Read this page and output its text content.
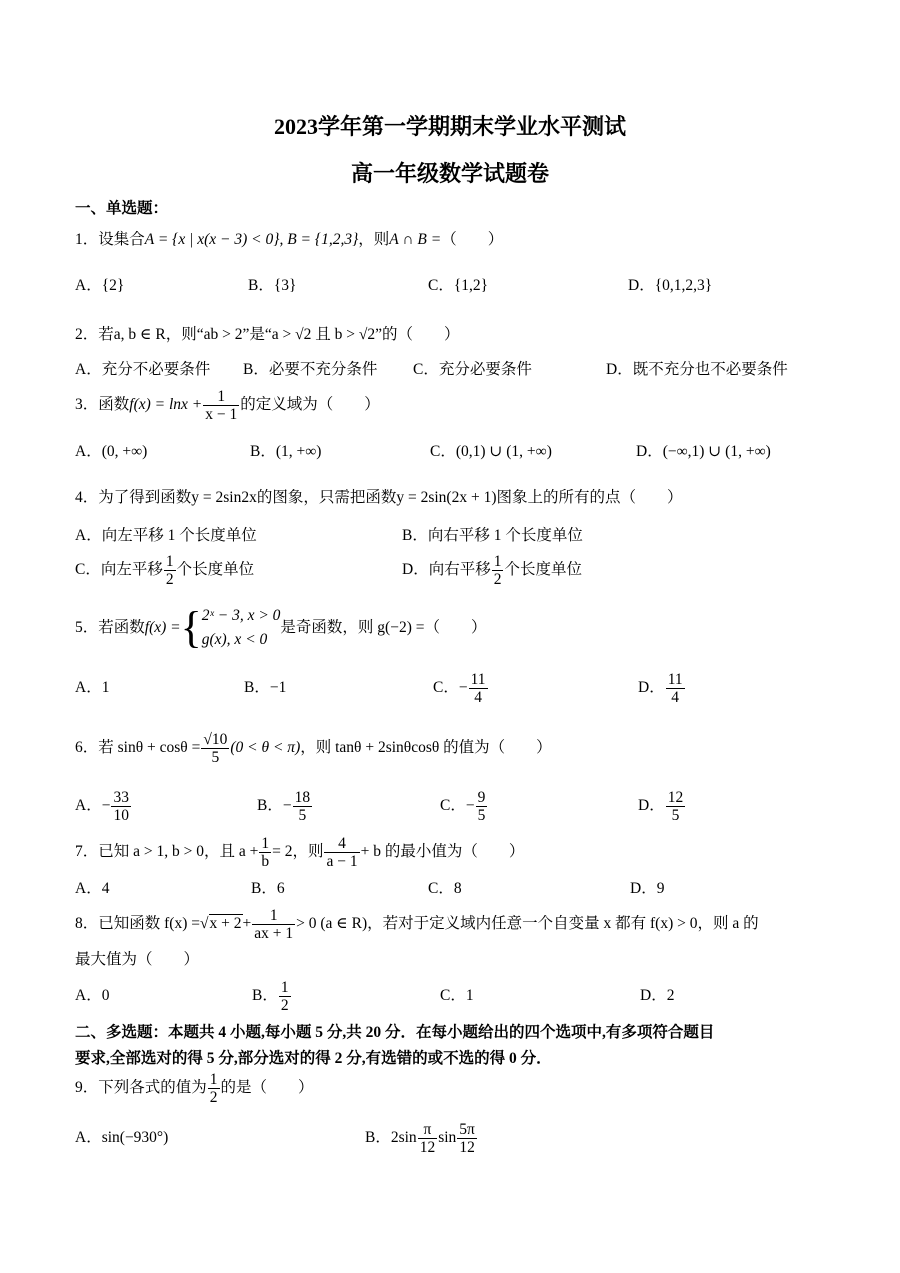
2023学年第一学期期末学业水平测试
高一年级数学试题卷
一、单选题：
1．设集合A = {x | x(x − 3) < 0}, B = {1,2,3}，则A ∩ B =（　　）
A．{2}	B．{3}	C．{1,2}	D．{0,1,2,3}
2．若a, b ∈ R，则“ab > 2”是“a > √2 且 b > √2”的（　　）
A．充分不必要条件 B．必要不充分条件 C．充分必要条件	D．既不充分也不必要条件
3．函数$f(x) = \ln x + \frac{1}{x - 1}$ 的定义域为（　　）
A．(0, +∞)	B．(1, +∞)	C．(0,1) ∪ (1, +∞)	D．(−∞,1) ∪ (1, +∞)
4．为了得到函数y = 2sin2x的图象，只需把函数y = 2sin(2x + 1)图象上的所有的点（　　）
A．向左平移 1 个长度单位	B．向右平移 1 个长度单位
C．向左平移 $\frac{1}{2}$ 个长度单位	D．向右平移 $\frac{1}{2}$ 个长度单位
5．若函数f(x) ={ 2ˣ − 3, x > 0
g(x), x < 0
是奇函数，则 g(−2) =（　　）
A．1	B．−1	C．− $\frac{11}{4}$	D． $\frac{11}{4}$
6．若 $\sin\theta + \cos\theta = \frac{√10}{5} (0 < \theta < \pi)$，则 tanθ + 2sinθcosθ 的值为（　　）
A．− $\frac{33}{10}$	B．− $\frac{18}{5}$	C．− $\frac{9}{5}$	D． $\frac{12}{5}$
7．已知 a > 1, b > 0，且 $a + \frac{1}{b} = 2$，则 $\frac{4}{a - 1} + b$ 的最小值为（　　）
A．4	B．6	C．8	D．9
8．已知函数 $f(x) =√x + 2+ \frac{1}{ax + 1} > 0$ (a ∈ R)，若对于定义域内任意一个自变量 x 都有 f(x) > 0，则 a 的
最大值为（　　）
A．0	B． $\frac{1}{2}$	C．1	D．2
二、多选题：本题共 4 小题,每小题 5 分,共 20 分．在每小题给出的四个选项中,有多项符合题目
要求,全部选对的得 5 分,部分选对的得 2 分,有选错的或不选的得 0 分．
9．下列各式的值为 $\frac{1}{2}$ 的是（　　）
A．sin(−930°)	B．$2\sin \frac{\pi}{12}$ $\sin \frac{5\pi}{12}$
